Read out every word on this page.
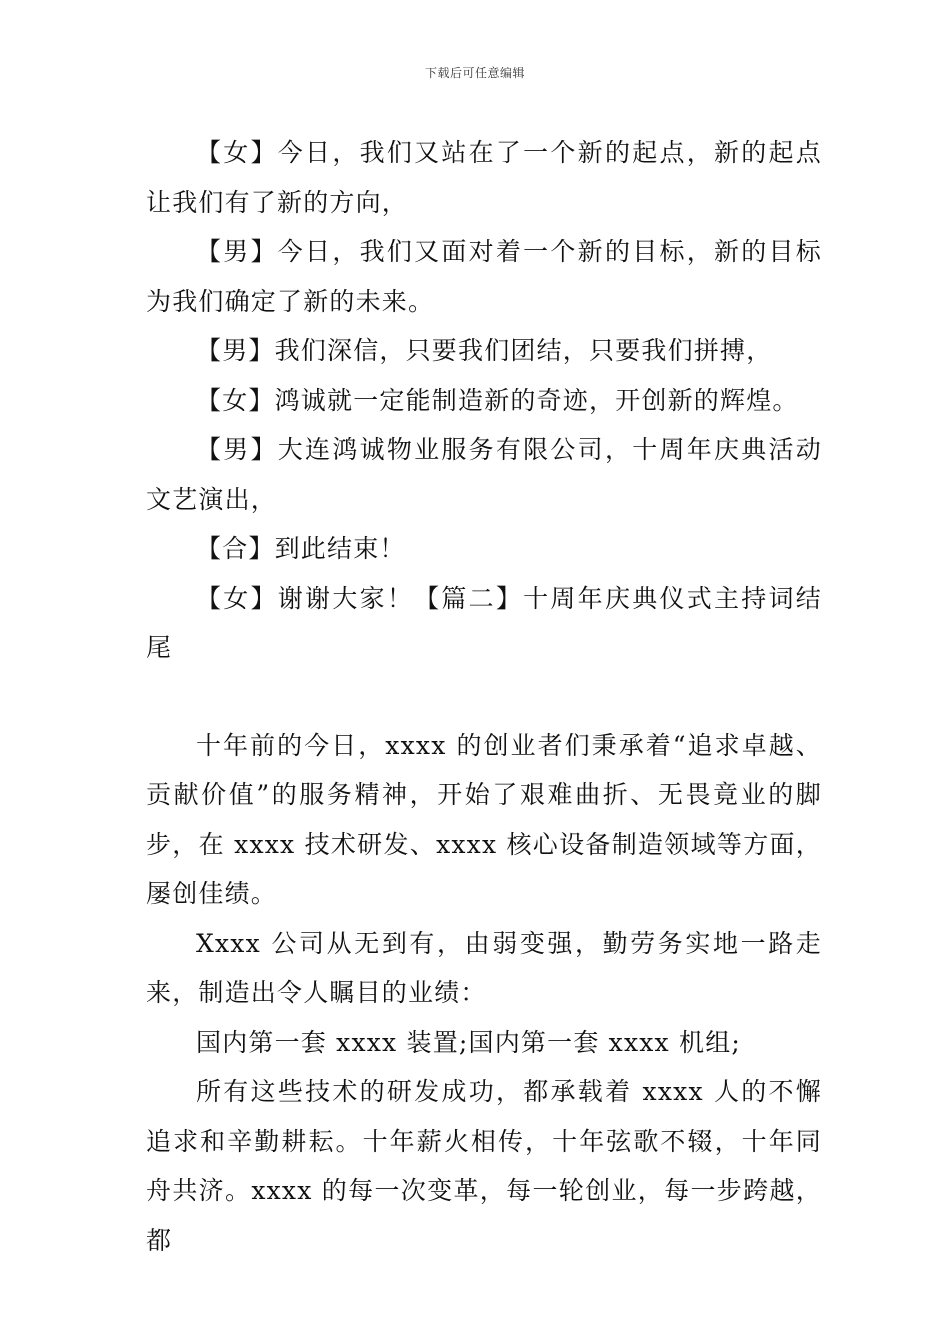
下载后可任意编辑

【女】今日，我们又站在了一个新的起点，新的起点让我们有了新的方向，

【男】今日，我们又面对着一个新的目标，新的目标为我们确定了新的未来。

【男】我们深信，只要我们团结，只要我们拼搏，

【女】鸿诚就一定能制造新的奇迹，开创新的辉煌。

【男】大连鸿诚物业服务有限公司，十周年庆典活动文艺演出，

【合】到此结束！

【女】谢谢大家！【篇二】十周年庆典仪式主持词结尾

十年前的今日，xxxx 的创业者们秉承着“追求卓越、贡献价值”的服务精神，开始了艰难曲折、无畏竟业的脚步，在 xxxx 技术研发、xxxx 核心设备制造领域等方面，屡创佳绩。

Xxxx 公司从无到有，由弱变强，勤劳务实地一路走来，制造出令人瞩目的业绩：

国内第一套 xxxx 装置;国内第一套 xxxx 机组;

所有这些技术的研发成功，都承载着 xxxx 人的不懈追求和辛勤耕耘。十年薪火相传，十年弦歌不辍，十年同舟共济。xxxx 的每一次变革，每一轮创业，每一步跨越，都
